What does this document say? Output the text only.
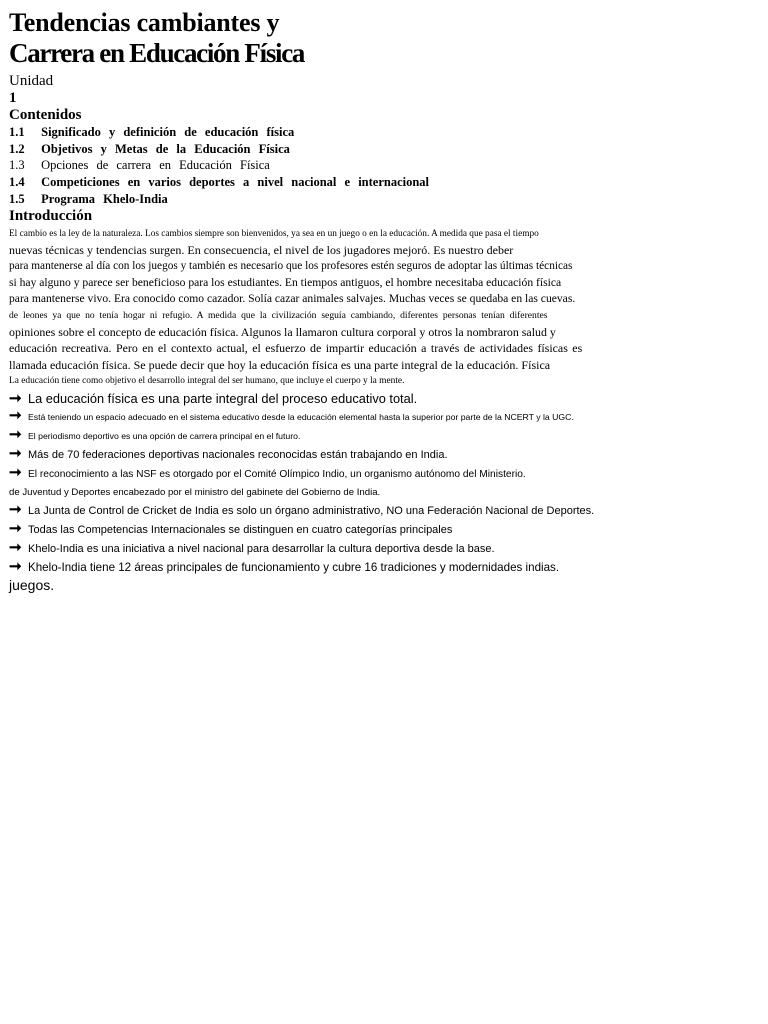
Tendencias cambiantes y
Carrera en Educación Física
Unidad
1
Contenidos
1.1 Significado y definición de educación física
1.2 Objetivos y Metas de la Educación Física
1.3 Opciones de carrera en Educación Física
1.4 Competiciones en varios deportes a nivel nacional e internacional
1.5 Programa Khelo-India
Introducción
El cambio es la ley de la naturaleza. Los cambios siempre son bienvenidos, ya sea en un juego o en la educación. A medida que pasa el tiempo
nuevas técnicas y tendencias surgen. En consecuencia, el nivel de los jugadores mejoró. Es nuestro deber
para mantenerse al día con los juegos y también es necesario que los profesores estén seguros de adoptar las últimas técnicas
si hay alguno y parece ser beneficioso para los estudiantes. En tiempos antiguos, el hombre necesitaba educación física
para mantenerse vivo. Era conocido como cazador. Solía cazar animales salvajes. Muchas veces se quedaba en las cuevas.
de leones ya que no tenía hogar ni refugio. A medida que la civilización seguía cambiando, diferentes personas tenían diferentes
opiniones sobre el concepto de educación física. Algunos la llamaron cultura corporal y otros la nombraron salud y
educación recreativa. Pero en el contexto actual, el esfuerzo de impartir educación a través de actividades físicas es
llamada educación física. Se puede decir que hoy la educación física es una parte integral de la educación. Física
La educación tiene como objetivo el desarrollo integral del ser humano, que incluye el cuerpo y la mente.
➞ La educación física es una parte integral del proceso educativo total.
➞ Está teniendo un espacio adecuado en el sistema educativo desde la educación elemental hasta la superior por parte de la NCERT y la UGC.
➞ El periodismo deportivo es una opción de carrera principal en el futuro.
➞ Más de 70 federaciones deportivas nacionales reconocidas están trabajando en India.
➞ El reconocimiento a las NSF es otorgado por el Comité Olímpico Indio, un organismo autónomo del Ministerio.
de Juventud y Deportes encabezado por el ministro del gabinete del Gobierno de India.
➞ La Junta de Control de Cricket de India es solo un órgano administrativo, NO una Federación Nacional de Deportes.
➞ Todas las Competencias Internacionales se distinguen en cuatro categorías principales
➞ Khelo-India es una iniciativa a nivel nacional para desarrollar la cultura deportiva desde la base.
➞ Khelo-India tiene 12 áreas principales de funcionamiento y cubre 16 tradiciones y modernidades indias.
juegos.
